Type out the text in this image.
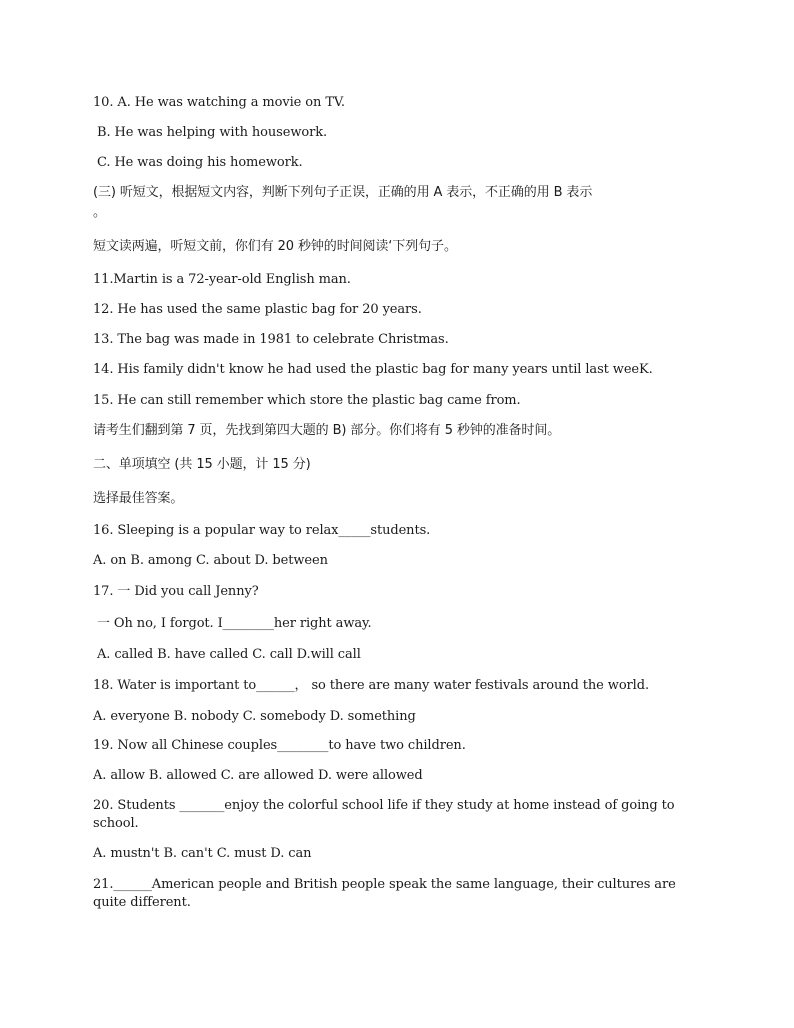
10. A. He was watching a movie on TV.
B. He was helping with housework.
C. He was doing his homework.
(三) 听短文，根据短文内容，判断下列句子正误，正确的用 A 表示，不正确的用 B 表示
。
短文读两遍，听短文前，你们有 20 秒钟的时间阅读‘下列句子。
11.Martin is a 72-year-old English man.
12. He has used the same plastic bag for 20 years.
13. The bag was made in 1981 to celebrate Christmas.
14. His family didn't know he had used the plastic bag for many years until last weeK.
15. He can still remember which store the plastic bag came from.
请考生们翻到第 7 页，先找到第四大题的 B) 部分。你们将有 5 秒钟的准备时间。
二、单项填空 (共 15 小题，计 15 分)
选择最佳答案。
16. Sleeping is a popular way to relax_____students.
A. on B. among C. about D. between
17. 一 Did you call Jenny?
一 Oh no, I forgot. I________her right away.
A. called B. have called C. call D.will call
18. Water is important to______， so there are many water festivals around the world.
A. everyone B. nobody C. somebody D. something
19. Now all Chinese couples________to have two children.
A. allow B. allowed C. are allowed D. were allowed
20. Students _______enjoy the colorful school life if they study at home instead of going to school.
A. mustn't B. can't C. must D. can
21.______American people and British people speak the same language, their cultures are quite different.
